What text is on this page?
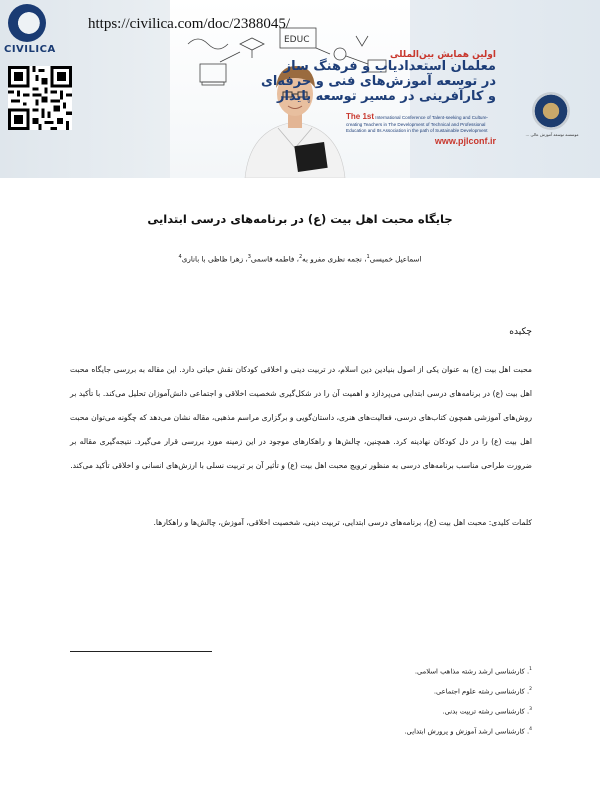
CIVILICA
https://civilica.com/doc/2388045/
EDUC
اولین همایش بین‌المللی
معلمان استعدادیاب و فرهنگ ساز
در توسعه آموزش‌های فنی و حرفه‌ای
و کارآفرینی در مسیر توسعه پایدار
The 1st International Conference of Talent-seeking and Culture-creating Teachers in The Development of Technical and Professional Education and Its Association in the path of Sustainable Development
www.pjlconf.ir
موسسه توسعه آموزش عالی ...
جایگاه محبت اهل بیت (ع) در برنامه‌های درسی ابتدایی
اسماعیل خمیسی$^1$، نجمه نظری مفرو به$^2$، فاطمه قاسمی$^3$، زهرا ظاظی با باناری$^4$
چکیده
محبت اهل بیت (ع) به عنوان یکی از اصول بنیادین دین اسلام، در تربیت دینی و اخلاقی کودکان نقش حیاتی دارد. این مقاله به بررسی جایگاه محبت اهل بیت (ع) در برنامه‌های درسی ابتدایی می‌پردازد و اهمیت آن را در شکل‌گیری شخصیت اخلاقی و اجتماعی دانش‌آموزان تحلیل می‌کند. با تأکید بر روش‌های آموزشی همچون کتاب‌های درسی، فعالیت‌های هنری، داستان‌گویی و برگزاری مراسم مذهبی، مقاله نشان می‌دهد که چگونه می‌توان محبت اهل بیت (ع) را در دل کودکان نهادینه کرد. همچنین، چالش‌ها و راهکارهای موجود در این زمینه مورد بررسی قرار می‌گیرد. نتیجه‌گیری مقاله بر ضرورت طراحی مناسب برنامه‌های درسی به منظور ترویج محبت اهل بیت (ع) و تأثیر آن بر تربیت نسلی با ارزش‌های انسانی و اخلاقی تأکید می‌کند.
کلمات کلیدی: محبت اهل بیت (ع)، برنامه‌های درسی ابتدایی، تربیت دینی، شخصیت اخلاقی، آموزش، چالش‌ها و راهکارها.
$^1$. کارشناسی ارشد رشته مذاهب اسلامی.
$^2$. کارشناسی رشته علوم اجتماعی.
$^3$. کارشناسی رشته تربیت بدنی.
$^4$. کارشناسی ارشد آموزش و پرورش ابتدایی.
